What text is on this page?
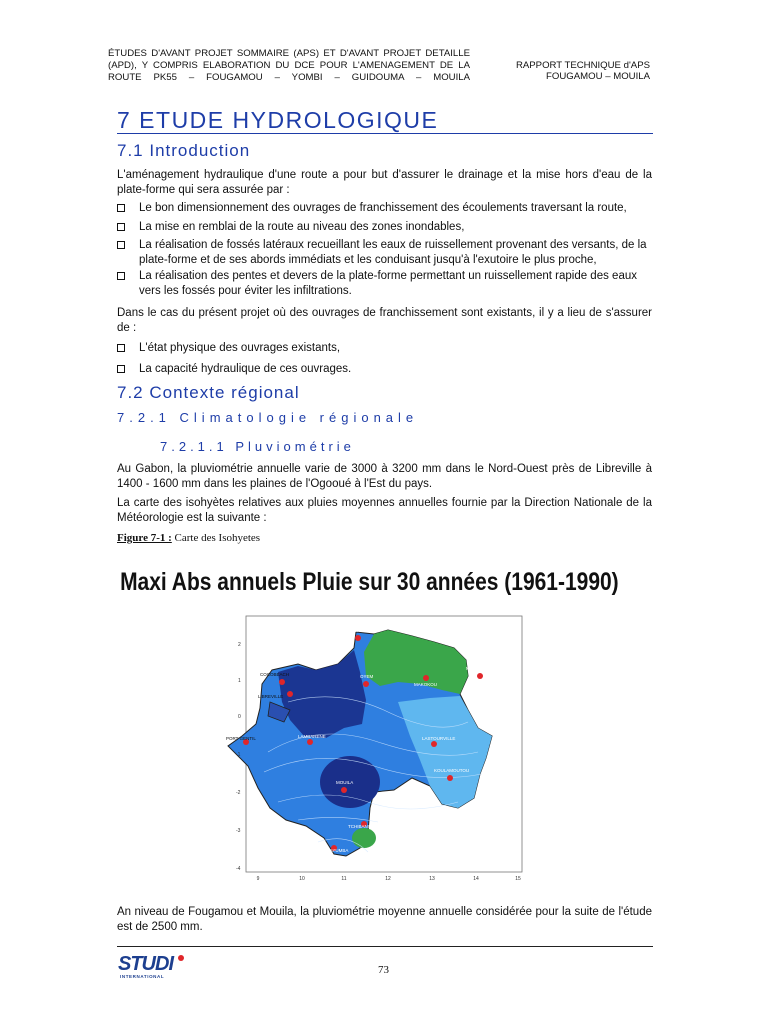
ÉTUDES D'AVANT PROJET SOMMAIRE (APS) ET D'AVANT PROJET DETAILLE (APD), Y COMPRIS ELABORATION DU DCE POUR L'AMENAGEMENT DE LA ROUTE PK55 – FOUGAMOU – YOMBI – GUIDOUMA – MOUILA
RAPPORT TECHNIQUE d'APS
FOUGAMOU – MOUILA
7 ETUDE HYDROLOGIQUE
7.1 Introduction
L'aménagement hydraulique d'une route a pour but d'assurer le drainage et la mise hors d'eau de la plate-forme qui sera assurée par :
Le bon dimensionnement des ouvrages de franchissement des écoulements traversant la route,
La mise en remblai de la route au niveau des zones inondables,
La réalisation de fossés latéraux recueillant les eaux de ruissellement provenant des versants, de la plate-forme et de ses abords immédiats et les conduisant jusqu'à l'exutoire le plus proche,
La réalisation des pentes et devers de la plate-forme permettant un ruissellement rapide des eaux vers les fossés pour éviter les infiltrations.
Dans le cas du présent projet où des ouvrages de franchissement sont existants, il y a lieu de s'assurer de :
L'état physique des ouvrages existants,
La capacité hydraulique de ces ouvrages.
7.2 Contexte régional
7.2.1 Climatologie régionale
7.2.1.1 Pluviométrie
Au Gabon, la pluviométrie annuelle varie de 3000 à 3200 mm dans le Nord-Ouest près de Libreville à 1400 - 1600 mm dans les plaines de l'Ogooué à l'Est du pays.
La carte des isohyètes relatives aux pluies moyennes annuelles fournie par la Direction Nationale de la Météorologie est la suivante :
Figure 7-1 : Carte des Isohyetes
Maxi Abs annuels Pluie sur 30 années (1961-1990)
BITAM
COCOBEACH
LIBREVILLE
OYEM
MAKOKOU
MEKAMBO
PORT GENTIL	LAMBARENE	LASTOURVILLE
MOUILA
KOULAMOUTOU
TCHIBANGA
MAYUMBA
2
1
0
-1
-2
-3
-4
9	10	11	12	13	14	15
An niveau de Fougamou et Mouila, la pluviométrie moyenne annuelle considérée pour la suite de l'étude est de 2500 mm.
STUDI
INTERNATIONAL
73
